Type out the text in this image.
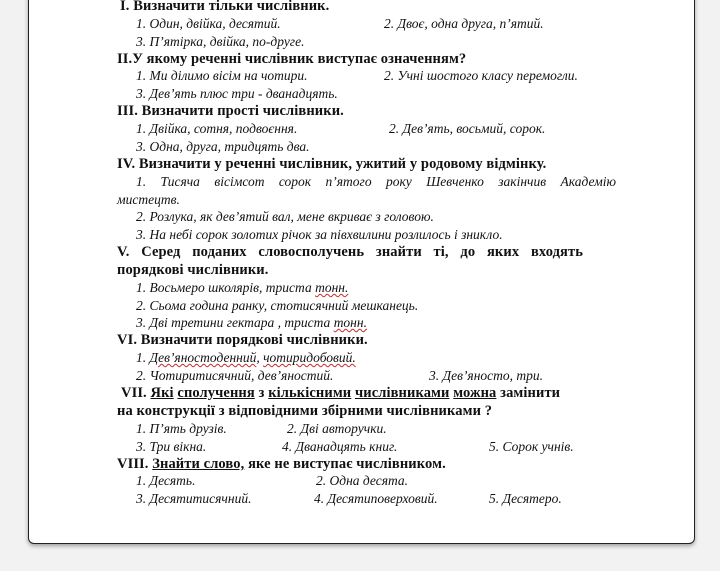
I. Визначити тільки числівник.
1. Один, двійка, десятий.	2. Двоє, одна друга, п’ятий.
3. П’ятірка, двійка, по-друге.
II.У якому реченні числівник виступає означенням?
1. Ми ділимо вісім на чотири.	2. Учні шостого класу перемогли.
3. Дев’ять плюс три - дванадцять.
III. Визначити прості числівники.
1. Двійка, сотня, подвоєння.	2. Дев’ять, восьмий, сорок.
3. Одна, друга, тридцять два.
IV. Визначити у реченні числівник, ужитий у родовому відмінку.
1. Тисяча вісімсот сорок п’ятого року Шевченко закінчив Академію
мистецтв.
2. Розлука, як дев’ятий вал, мене вкриває з головою.
3. На небі сорок золотих річок за півхвилини розлилось і зникло.
V. Серед поданих словосполучень знайти ті, до яких входять
порядкові числівники.
1. Восьмеро школярів, триста тонн.
2. Сьома година ранку, стотисячний мешканець.
3. Дві третини гектара , триста тонн.
VI. Визначити порядкові числівники.
1. Дев’яностоденний, чотиридобовий.
2. Чотиритисячний, дев’яностий.	3. Дев’яносто, три.
VII. Які сполучення з кількісними числівниками можна замінити
на конструкції з відповідними збірними числівниками ?
1. П’ять друзів.	2. Дві авторучки.
3. Три вікна.	4. Дванадцять книг.	5. Сорок учнів.
VIII. Знайти слово, яке не виступає числівником.
1. Десять.	2. Одна десята.
3. Десятитисячний.	4. Десятиповерховий.	5. Десятеро.
